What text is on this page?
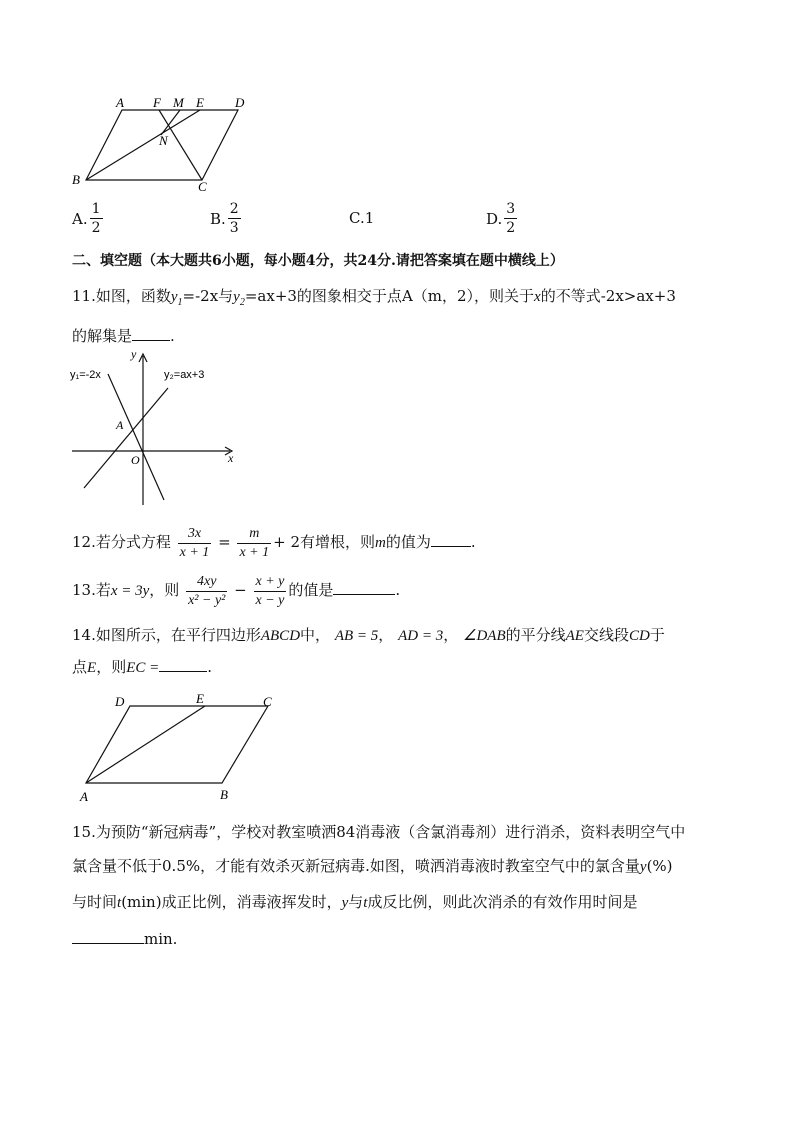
A F M E D
N
B	C
A. $\frac{1}{2}$	B. $\frac{2}{3}$	C.1	D. $\frac{3}{2}$
二、填空题（本大题共6小题，每小题4分，共24分.请把答案填在题中横线上）
11.如图，函数$y_1=-2x$与$y_2=ax+3$的图象相交于点A（m，2），则关于x的不等式-2x>ax+3
的解集是	.
y₁=-2x	y₂=ax+3
y
x
O
A
12.若分式方程 $\frac{3x}{x + 1} = \frac{m}{x + 1} + 2$有增根，则m的值为	.
13.若x = 3y，则 $\frac{4xy}{\text{x² − y²}} - \frac{x + y}{x - y}$ 的值是	.
14.如图所示，在平行四边形ABCD中， AB = 5， AD = 3， ∠DAB的平分线AE交线段CD于
点E，则EC =	.
D	E	C
A	B
15.为预防“新冠病毒”，学校对教室喷洒84消毒液（含氯消毒剂）进行消杀，资料表明空气中
氯含量不低于0.5%，才能有效杀灭新冠病毒.如图，喷洒消毒液时教室空气中的氯含量y(%)
与时间t(min)成正比例，消毒液挥发时，y与t成反比例，则此次消杀的有效作用时间是
min.
